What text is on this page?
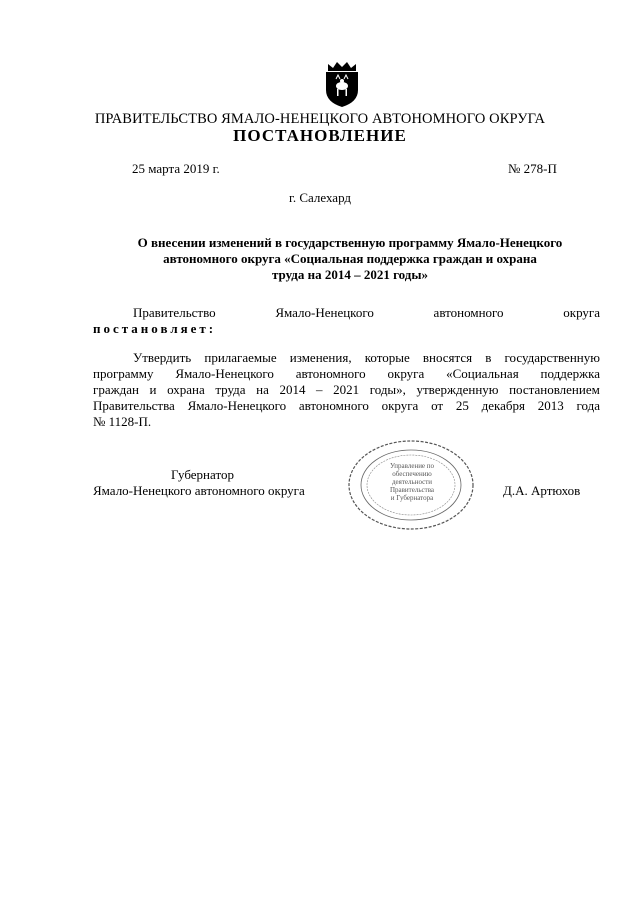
ПРАВИТЕЛЬСТВО ЯМАЛО-НЕНЕЦКОГО АВТОНОМНОГО ОКРУГА
ПОСТАНОВЛЕНИЕ
25 марта 2019 г.	№ 278-П
г. Салехард
О внесении изменений в государственную программу Ямало-Ненецкого
автономного округа «Социальная поддержка граждан и охрана
труда на 2014 – 2021 годы»
Правительство	Ямало-Ненецкого	автономного	округа
постановляет:
Утвердить прилагаемые изменения, которые вносятся в государственную
программу Ямало-Ненецкого автономного округа «Социальная поддержка
граждан и охрана труда на 2014 – 2021 годы», утвержденную постановлением
Правительства Ямало-Ненецкого автономного округа от 25 декабря 2013 года
№ 1128-П.
Губернатор
Ямало-Ненецкого автономного округа
Управление по
обеспечению
деятельности
Правительства
и Губернатора	Д.А. Артюхов
